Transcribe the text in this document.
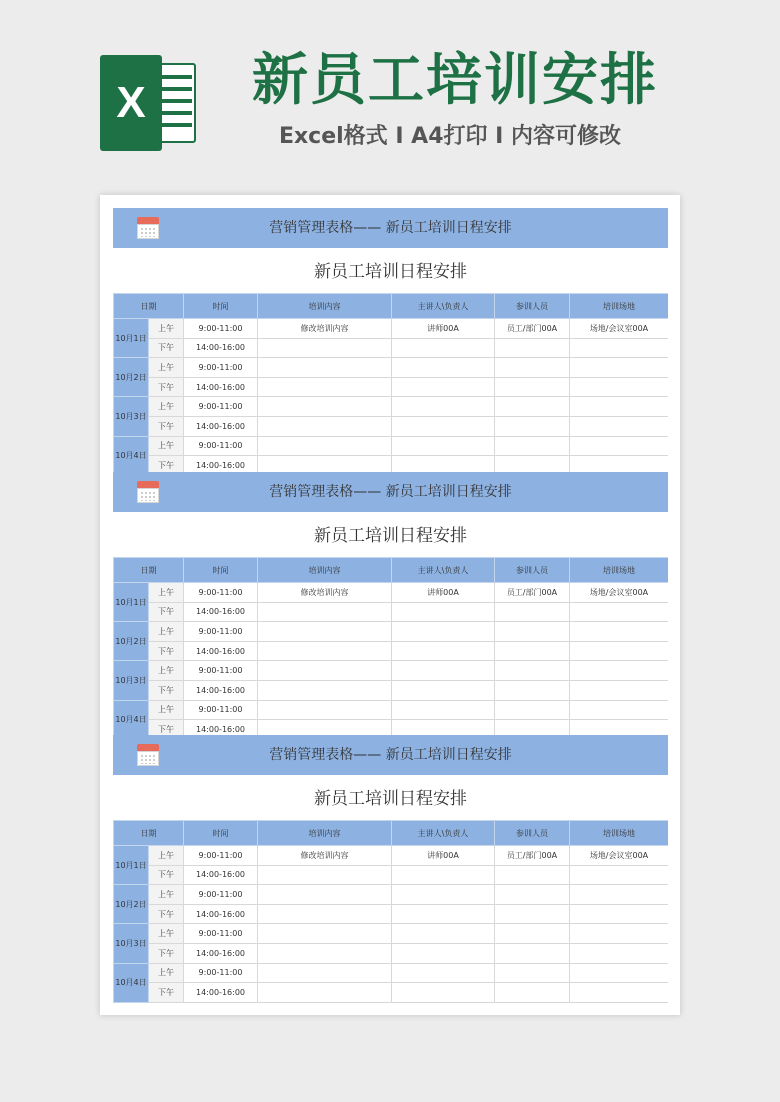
X	新员工培训安排
Excel格式 I A4打印 I 内容可修改
营销管理表格—— 新员工培训日程安排
新员工培训日程安排
日期		时间	培训内容	主讲人\负责人	参训人员	培训场地
10月1日	上午	9:00-11:00	修改培训内容	讲师00A	员工/部门00A	场地/会议室00A
	下午	14:00-16:00				
10月2日	上午	9:00-11:00				
	下午	14:00-16:00				
10月3日	上午	9:00-11:00				
	下午	14:00-16:00				
10月4日	上午	9:00-11:00				
	下午	14:00-16:00				
营销管理表格—— 新员工培训日程安排
新员工培训日程安排
日期		时间	培训内容	主讲人\负责人	参训人员	培训场地
10月1日	上午	9:00-11:00	修改培训内容	讲师00A	员工/部门00A	场地/会议室00A
	下午	14:00-16:00				
10月2日	上午	9:00-11:00				
	下午	14:00-16:00				
10月3日	上午	9:00-11:00				
	下午	14:00-16:00				
10月4日	上午	9:00-11:00				
	下午	14:00-16:00				
营销管理表格—— 新员工培训日程安排
新员工培训日程安排
日期		时间	培训内容	主讲人\负责人	参训人员	培训场地
10月1日	上午	9:00-11:00	修改培训内容	讲师00A	员工/部门00A	场地/会议室00A
	下午	14:00-16:00				
10月2日	上午	9:00-11:00				
	下午	14:00-16:00				
10月3日	上午	9:00-11:00				
	下午	14:00-16:00				
10月4日	上午	9:00-11:00				
	下午	14:00-16:00				
